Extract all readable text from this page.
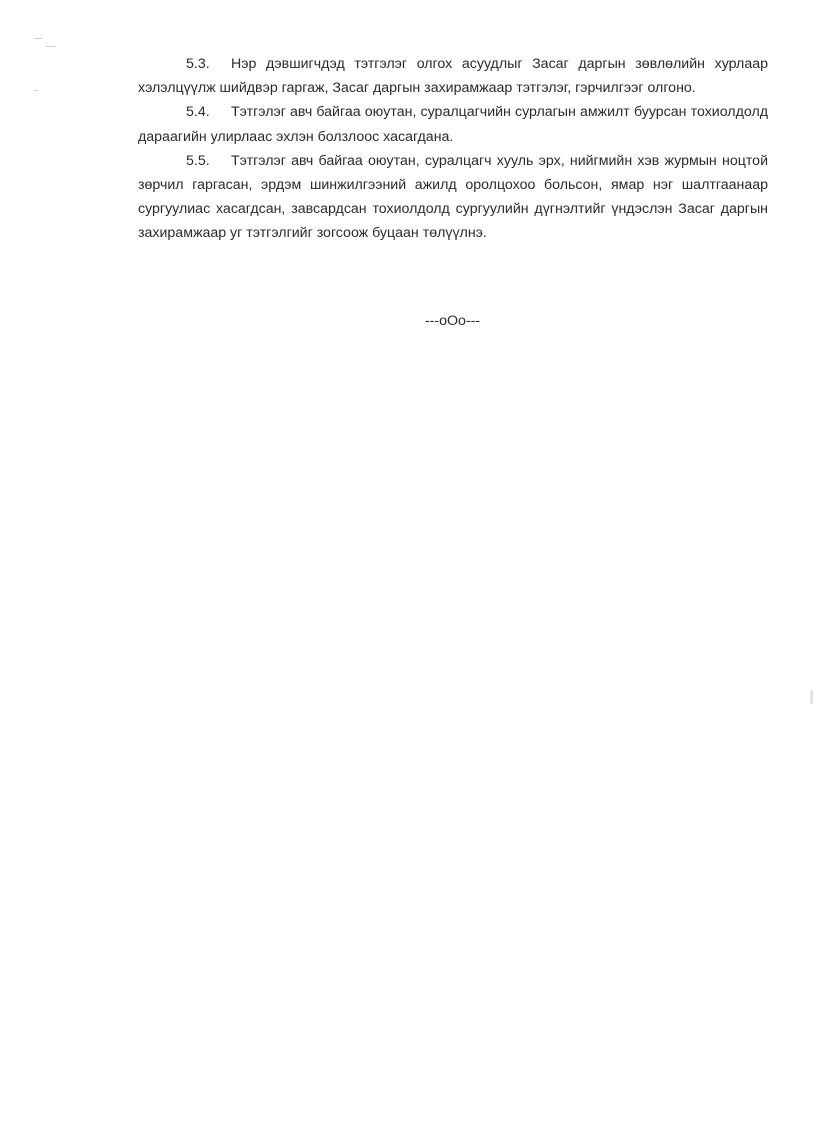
5.3. Нэр дэвшигчдэд тэтгэлэг олгох асуудлыг Засаг даргын зөвлөлийн хурлаар хэлэлцүүлж шийдвэр гаргаж, Засаг даргын захирамжаар тэтгэлэг, гэрчилгээг олгоно.

5.4. Тэтгэлэг авч байгаа оюутан, суралцагчийн сурлагын амжилт буурсан тохиолдолд дараагийн улирлаас эхлэн болзлоос хасагдана.

5.5. Тэтгэлэг авч байгаа оюутан, суралцагч хууль эрх, нийгмийн хэв журмын ноцтой зөрчил гаргасан, эрдэм шинжилгээний ажилд оролцохоо больсон, ямар нэг шалтгаанаар сургуулиас хасагдсан, завсардсан тохиолдолд сургуулийн дүгнэлтийг үндэслэн Засаг даргын захирамжаар уг тэтгэлгийг зогсоож буцаан төлүүлнэ.

---оОо---
